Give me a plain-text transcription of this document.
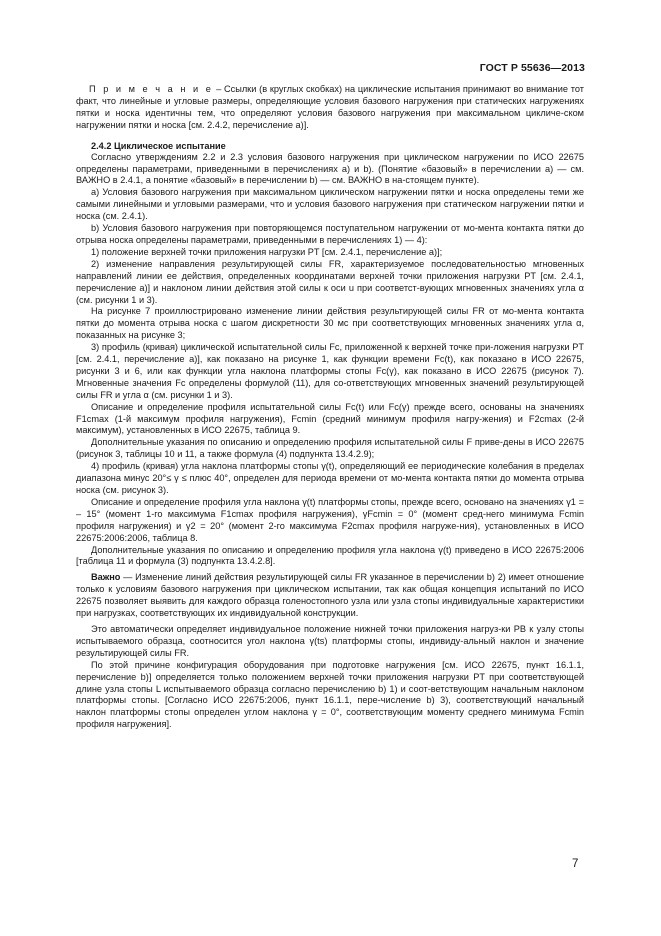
ГОСТ Р 55636—2013

П р и м е ч а н и е – Ссылки (в круглых скобках) на циклические испытания принимают во внимание тот факт, что линейные и угловые размеры, определяющие условия базового нагружения при статических нагружениях пятки и носка идентичны тем, что определяют условия базового нагружения при максимальном цикличе-ском нагружении пятки и носка [см. 2.4.2, перечисление а)].

2.4.2 Циклическое испытание

Согласно утверждениям 2.2 и 2.3 условия базового нагружения при циклическом нагружении по ИСО 22675 определены параметрами, приведенными в перечислениях а) и b). (Понятие «базовый» в перечислении а) — см. ВАЖНО в 2.4.1, а понятие «базовый» в перечислении b) — см. ВАЖНО в на-стоящем пункте).

а) Условия базового нагружения при максимальном циклическом нагружении пятки и носка определены теми же самыми линейными и угловыми размерами, что и условия базового нагружения при статическом нагружении пятки и носка (см. 2.4.1).

b) Условия базового нагружения при повторяющемся поступательном нагружении от мо-мента контакта пятки до отрыва носка определены параметрами, приведенными в перечислениях 1) — 4):

1) положение верхней точки приложения нагрузки PT [см. 2.4.1, перечисление а)];

2) изменение направления результирующей силы FR, характеризуемое последовательностью мгновенных направлений линии ее действия, определенных координатами верхней точки приложения нагрузки PT [см. 2.4.1, перечисление а)] и наклоном линии действия этой силы к оси u при соответст-вующих мгновенных значениях угла α (см. рисунки 1 и 3).

На рисунке 7 проиллюстрировано изменение линии действия результирующей силы FR от мо-мента контакта пятки до момента отрыва носка с шагом дискретности 30 мс при соответствующих мгновенных значениях угла α, показанных на рисунке 3;

3) профиль (кривая) циклической испытательной силы Fc, приложенной к верхней точке при-ложения нагрузки PT [см. 2.4.1, перечисление а)], как показано на рисунке 1, как функции времени Fc(t), как показано в ИСО 22675, рисунки 3 и 6, или как функции угла наклона платформы стопы Fc(γ), как показано в ИСО 22675 (рисунок 7). Мгновенные значения Fc определены формулой (11), для со-ответствующих мгновенных значений результирующей силы FR и угла α (см. рисунки 1 и 3).

Описание и определение профиля испытательной силы Fc(t) или Fc(γ) прежде всего, основаны на значениях F1cmax (1-й максимум профиля нагружения), Fcmin (средний минимум профиля нагру-жения) и F2cmax (2-й максимум), установленных в ИСО 22675, таблица 9.

Дополнительные указания по описанию и определению профиля испытательной силы F приве-дены в ИСО 22675 (рисунок 3, таблицы 10 и 11, а также формула (4) подпункта 13.4.2.9);

4) профиль (кривая) угла наклона платформы стопы γ(t), определяющий ее периодические колебания в пределах диапазона минус 20°≤ γ ≤ плюс 40°, определен для периода времени от мо-мента контакта пятки до момента отрыва носка (см. рисунок 3).

Описание и определение профиля угла наклона γ(t) платформы стопы, прежде всего, основано на значениях γ1 = – 15° (момент 1-го максимума F1cmax профиля нагружения), γFcmin = 0° (момент сред-него минимума Fcmin профиля нагружения) и γ2 = 20° (момент 2-го максимума F2cmax профиля нагруже-ния), установленных в ИСО 22675:2006:2006, таблица 8.

Дополнительные указания по описанию и определению профиля угла наклона γ(t) приведено в ИСО 22675:2006 [таблица 11 и формула (3) подпункта 13.4.2.8].

Важно — Изменение линий действия результирующей силы FR указанное в перечислении b) 2) имеет отношение только к условиям базового нагружения при циклическом испытании, так как общая концепция испытаний по ИСО 22675 позволяет выявить для каждого образца голеностопного узла или узла стопы индивидуальные характеристики при нагрузках, соответствующих их индивидуальной конструкции.

Это автоматически определяет индивидуальное положение нижней точки приложения нагруз-ки PB к узлу стопы испытываемого образца, соотносится угол наклона γ(ts) платформы стопы, индивиду-альный наклон и значение результирующей силы FR.

По этой причине конфигурация оборудования при подготовке нагружения [см. ИСО 22675, пункт 16.1.1, перечисление b)] определяется только положением верхней точки приложения нагрузки PT при соответствующей длине узла стопы L испытываемого образца согласно перечислению b) 1) и соот-ветствующим начальным наклоном платформы стопы. [Согласно ИСО 22675:2006, пункт 16.1.1, пере-числение b) 3), соответствующий начальный наклон платформы стопы определен углом наклона γ = 0°, соответствующим моменту среднего минимума Fcmin профиля нагружения].

7
